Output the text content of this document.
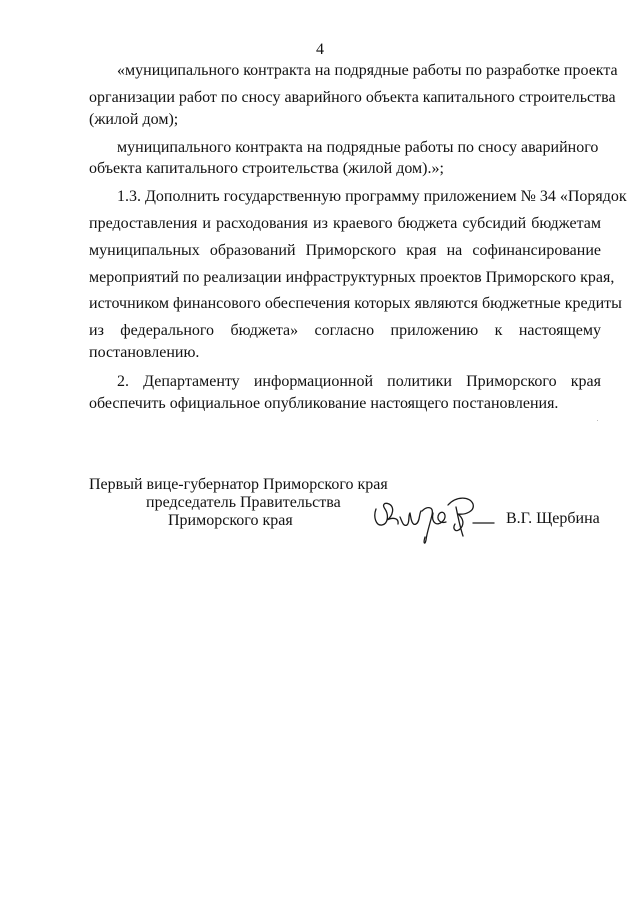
4
«муниципального контракта на подрядные работы по разработке проекта
организации работ по сносу аварийного объекта капитального строительства
(жилой дом);
муниципального контракта на подрядные работы по сносу аварийного
объекта капитального строительства (жилой дом).»;
1.3. Дополнить государственную программу приложением № 34 «Порядок
предоставления и расходования из краевого бюджета субсидий бюджетам
муниципальных образований Приморского края на софинансирование
мероприятий по реализации инфраструктурных проектов Приморского края,
источником финансового обеспечения которых являются бюджетные кредиты
из федерального бюджета» согласно приложению к настоящему
постановлению.
2. Департаменту информационной политики Приморского края
обеспечить официальное опубликование настоящего постановления.
Первый вице-губернатор Приморского края
председатель Правительства
Приморского края	В.Г. Щербина
